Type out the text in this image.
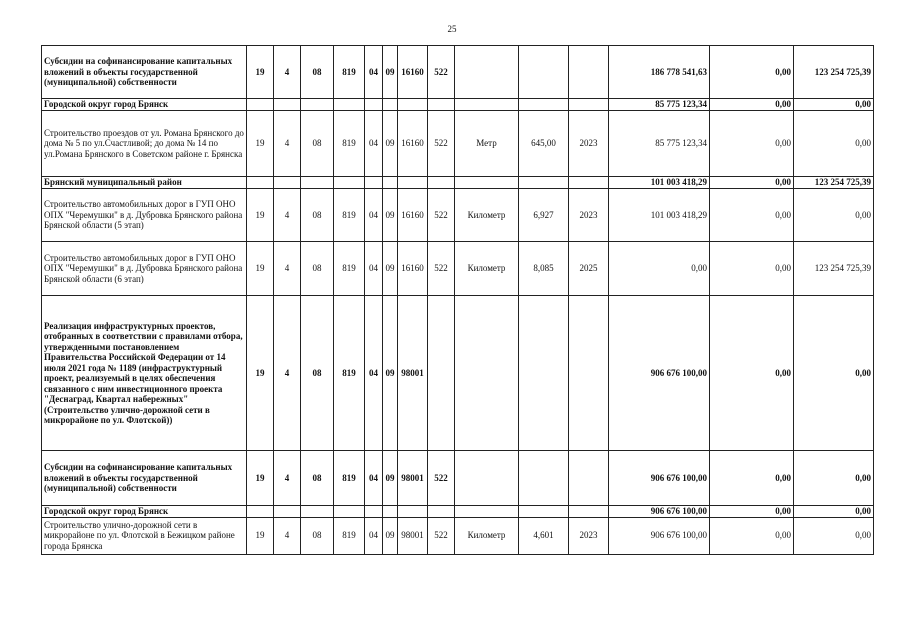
25
Субсидии на софинансирование капитальных вложений в объекты государственной (муниципальной) собственности	19	4	08	819	04	09	16160	522				186 778 541,63	0,00	123 254 725,39
Городской округ город Брянск												85 775 123,34	0,00	0,00
Строительство проездов от ул. Романа Брянского до дома № 5 по ул.Счастливой; до дома № 14 по ул.Романа Брянского в Советском районе г. Брянска	19	4	08	819	04	09	16160	522	Метр	645,00	2023	85 775 123,34	0,00	0,00
Брянский муниципальный район												101 003 418,29	0,00	123 254 725,39
Строительство автомобильных дорог в ГУП ОНО ОПХ "Черемушки" в д. Дубровка Брянского района Брянской области (5 этап)	19	4	08	819	04	09	16160	522	Километр	6,927	2023	101 003 418,29	0,00	0,00
Строительство автомобильных дорог в ГУП ОНО ОПХ "Черемушки" в д. Дубровка Брянского района Брянской области (6 этап)	19	4	08	819	04	09	16160	522	Километр	8,085	2025	0,00	0,00	123 254 725,39
Реализация инфраструктурных проектов, отобранных в соответствии с правилами отбора, утвержденными постановлением Правительства Российской Федерации от 14 июля 2021 года № 1189 (инфраструктурный проект, реализуемый в целях обеспечения связанного с ним инвестиционного проекта "Деснаград, Квартал набережных" (Строительство улично-дорожной сети в микрорайоне по ул. Флотской))	19	4	08	819	04	09	98001					906 676 100,00	0,00	0,00
Субсидии на софинансирование капитальных вложений в объекты государственной (муниципальной) собственности	19	4	08	819	04	09	98001	522				906 676 100,00	0,00	0,00
Городской округ город Брянск												906 676 100,00	0,00	0,00
Строительство улично-дорожной сети в микрорайоне по ул. Флотской в Бежицком районе города Брянска	19	4	08	819	04	09	98001	522	Километр	4,601	2023	906 676 100,00	0,00	0,00
